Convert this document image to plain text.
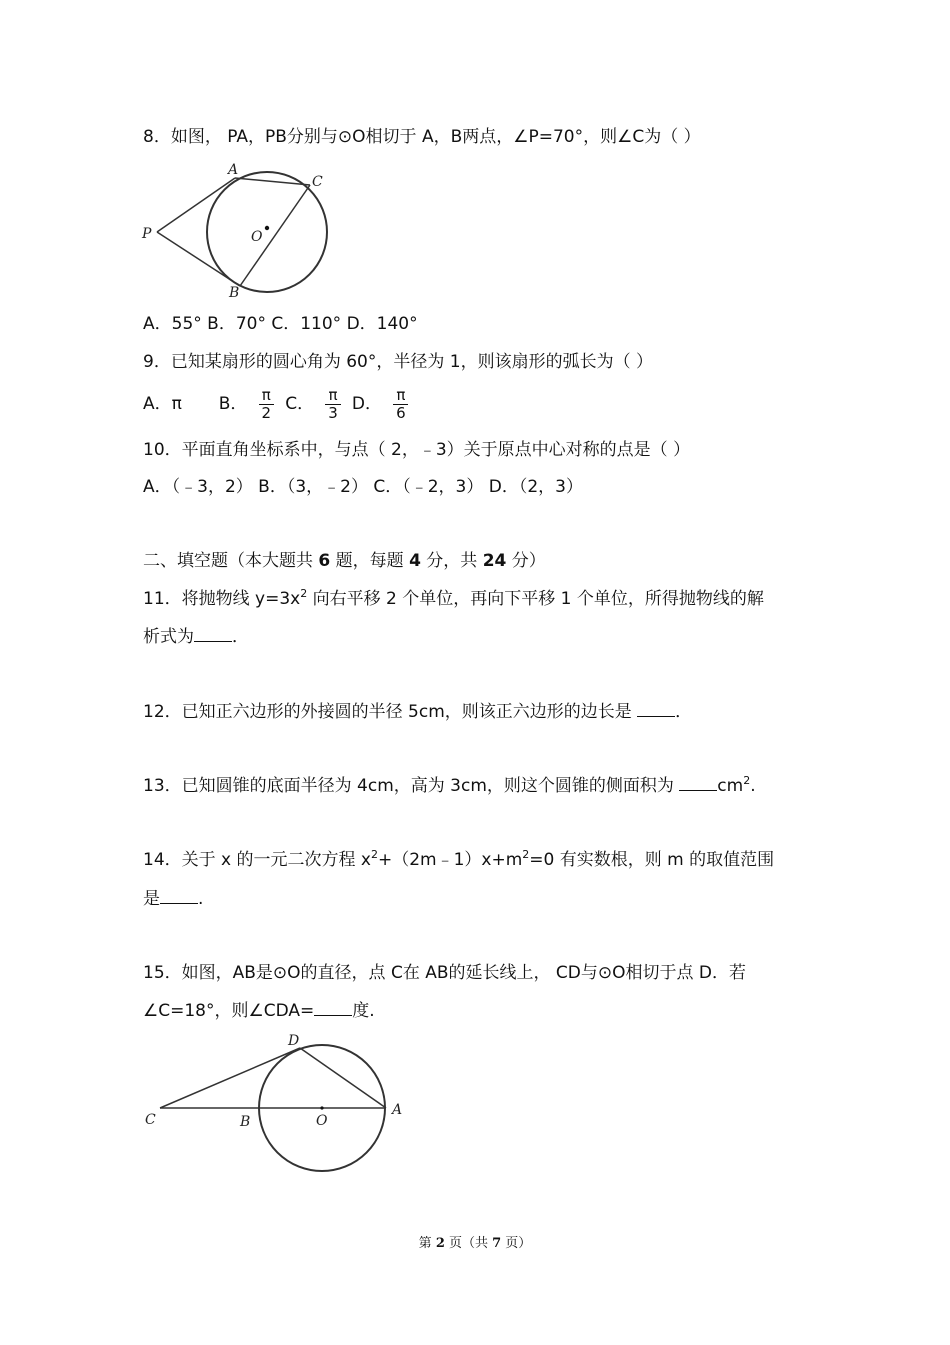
8．如图， PA，PB分别与⊙O相切于 A，B两点，∠P=70°，则∠C为（ ）
A
C
P	O
B
A．55° B．70° C．110° D．140°
9．已知某扇形的圆心角为 60°，半径为 1，则该扇形的弧长为（ ）
A．π B． $\frac{\pi}{2}$ C． $\frac{\pi}{3}$ D． $\frac{\pi}{6}$
10．平面直角坐标系中，与点（ 2，﹣3）关于原点中心对称的点是（ ）
A．（﹣3，2） B．（3，﹣2） C．（﹣2，3） D．（2，3）
二、填空题（本大题共 6 题，每题 4 分，共 24 分）
11．将抛物线 $y=3x^2$ 向右平移 2 个单位，再向下平移 1 个单位，所得抛物线的解
析式为 ．
12．已知正六边形的外接圆的半径 5cm，则该正六边形的边长是 ．
13．已知圆锥的底面半径为 4cm，高为 3cm，则这个圆锥的侧面积为 $cm^2$.
14．关于 x 的一元二次方程 $x^2+(2m﹣1)x+m^2=0$ 有实数根，则 m 的取值范围
是 .
15．如图，AB是⊙O的直径，点 C在 AB的延长线上， CD与⊙O相切于点 D．若
∠C=18°，则∠CDA= 度.
D
C	B	O
A
第 2 页（共 7 页）
